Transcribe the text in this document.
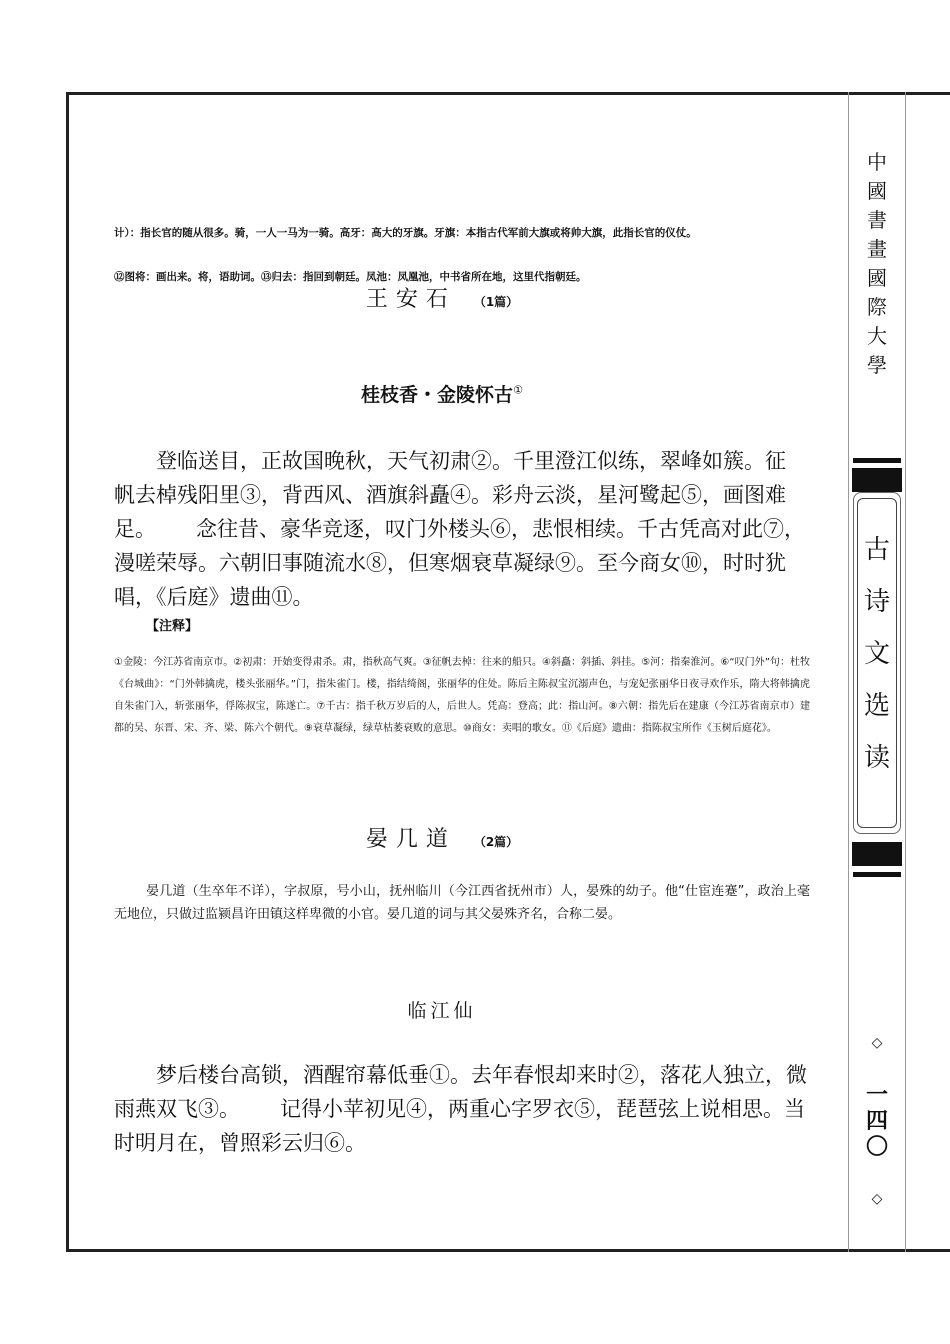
计）：指长官的随从很多。骑，一人一马为一骑。高牙：高大的牙旗。牙旗：本指古代军前大旗或将帅大旗，此指长官的仪仗。

⑫图将：画出来。将，语助词。⑬归去：指回到朝廷。凤池：凤凰池，中书省所在地，这里代指朝廷。

王安石 （1篇）
桂枝香・金陵怀古①
登临送目，正故国晚秋，天气初肃②。千里澄江似练，翠峰如簇。征
帆去棹残阳里③，背西风、酒旗斜矗④。彩舟云淡，星河鹭起⑤，画图难
足。 念往昔、豪华竞逐，叹门外楼头⑥，悲恨相续。千古凭高对此⑦，
漫嗟荣辱。六朝旧事随流水⑧，但寒烟衰草凝绿⑨。至今商女⑩，时时犹
唱，《后庭》遗曲⑪。
【注释】
①金陵：今江苏省南京市。②初肃：开始变得肃杀。肃，指秋高气爽。③征帆去棹：往来的船只。④斜矗：斜插、斜挂。⑤河：指秦淮河。⑥“叹门外”句：杜牧《台城曲》：“门外韩擒虎，楼头张丽华。”门，指朱雀门。楼，指结绮阁，张丽华的住处。陈后主陈叔宝沉溺声色，与宠妃张丽华日夜寻欢作乐，隋大将韩擒虎自朱雀门入，斩张丽华，俘陈叔宝，陈遂亡。⑦千古：指千秋万岁后的人，后世人。凭高：登高；此：指山河。⑧六朝：指先后在建康（今江苏省南京市）建都的吴、东晋、宋、齐、梁、陈六个朝代。⑨衰草凝绿，绿草枯萎衰败的意思。⑩商女：卖唱的歌女。⑪《后庭》遗曲：指陈叔宝所作《玉树后庭花》。
晏几道 （2篇）
晏几道（生卒年不详），字叔原，号小山，抚州临川（今江西省抚州市）人，晏殊的幼子。他“仕宦连蹇”，政治上毫无地位，只做过监颍昌许田镇这样卑微的小官。晏几道的词与其父晏殊齐名，合称二晏。
临江仙
梦后楼台高锁，酒醒帘幕低垂①。去年春恨却来时②，落花人独立，微
雨燕双飞③。 记得小苹初见④，两重心字罗衣⑤，琵琶弦上说相思。当
时明月在，曾照彩云归⑥。
中
國
書
畫
國
際
大
學
古
诗
文
选
读

◇

一
四
〇

◇
